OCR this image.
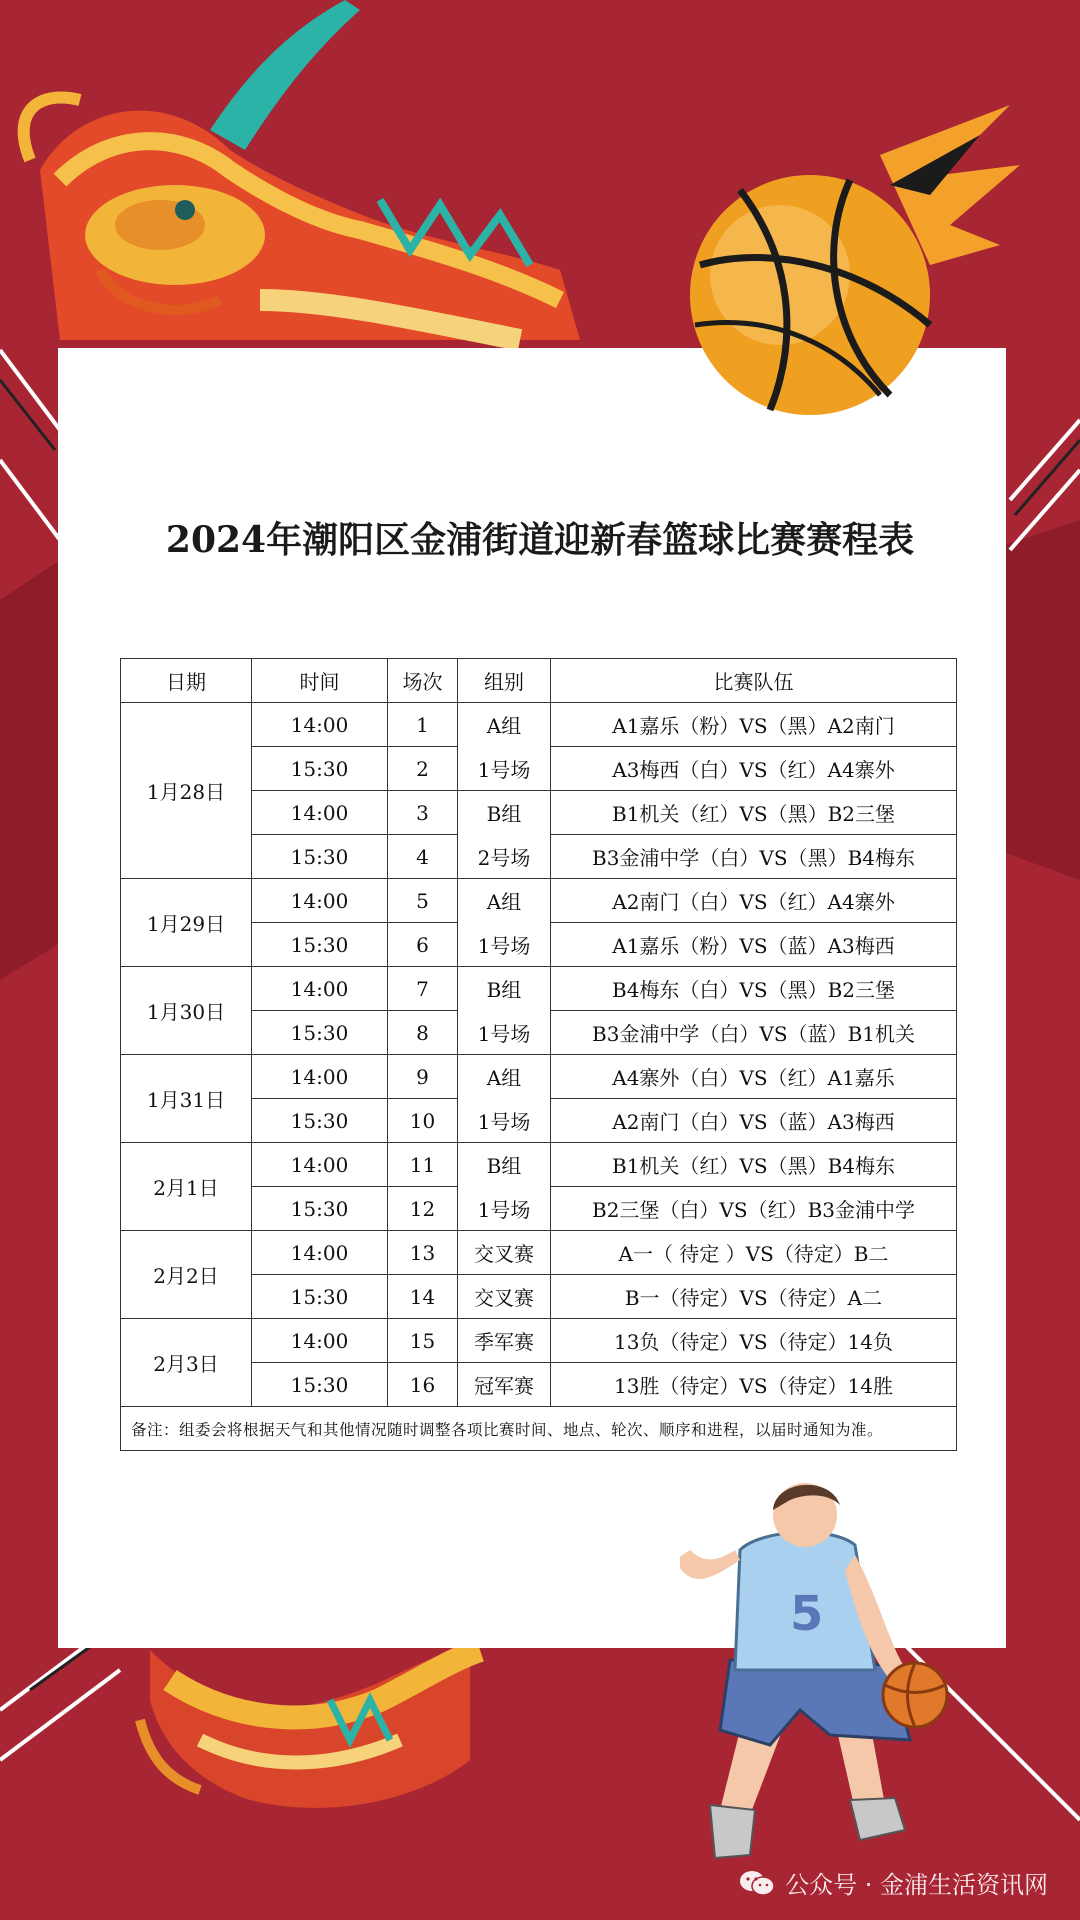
2024年潮阳区金浦街道迎新春篮球比赛赛程表
日期	时间	场次	组别	比赛队伍
1月28日	14:00	1	A组	A1嘉乐（粉）VS（黑）A2南门
	15:30	2	1号场	A3梅西（白）VS（红）A4寨外
	14:00	3	B组	B1机关（红）VS（黑）B2三堡
	15:30	4	2号场	B3金浦中学（白）VS（黑）B4梅东
1月29日	14:00	5	A组	A2南门（白）VS（红）A4寨外
	15:30	6	1号场	A1嘉乐（粉）VS（蓝）A3梅西
1月30日	14:00	7	B组	B4梅东（白）VS（黑）B2三堡
	15:30	8	1号场	B3金浦中学（白）VS（蓝）B1机关
1月31日	14:00	9	A组	A4寨外（白）VS（红）A1嘉乐
	15:30	10	1号场	A2南门（白）VS（蓝）A3梅西
2月1日	14:00	11	B组	B1机关（红）VS（黑）B4梅东
	15:30	12	1号场	B2三堡（白）VS（红）B3金浦中学
2月2日	14:00	13	交叉赛	A一（ 待定 ）VS（待定）B二
	15:30	14	交叉赛	B一（待定）VS（待定）A二
2月3日	14:00	15	季军赛	13负（待定）VS（待定）14负
	15:30	16	冠军赛	13胜（待定）VS（待定）14胜
备注：组委会将根据天气和其他情况随时调整各项比赛时间、地点、轮次、顺序和进程，以届时通知为准。				
5
公众号 · 金浦生活资讯网
